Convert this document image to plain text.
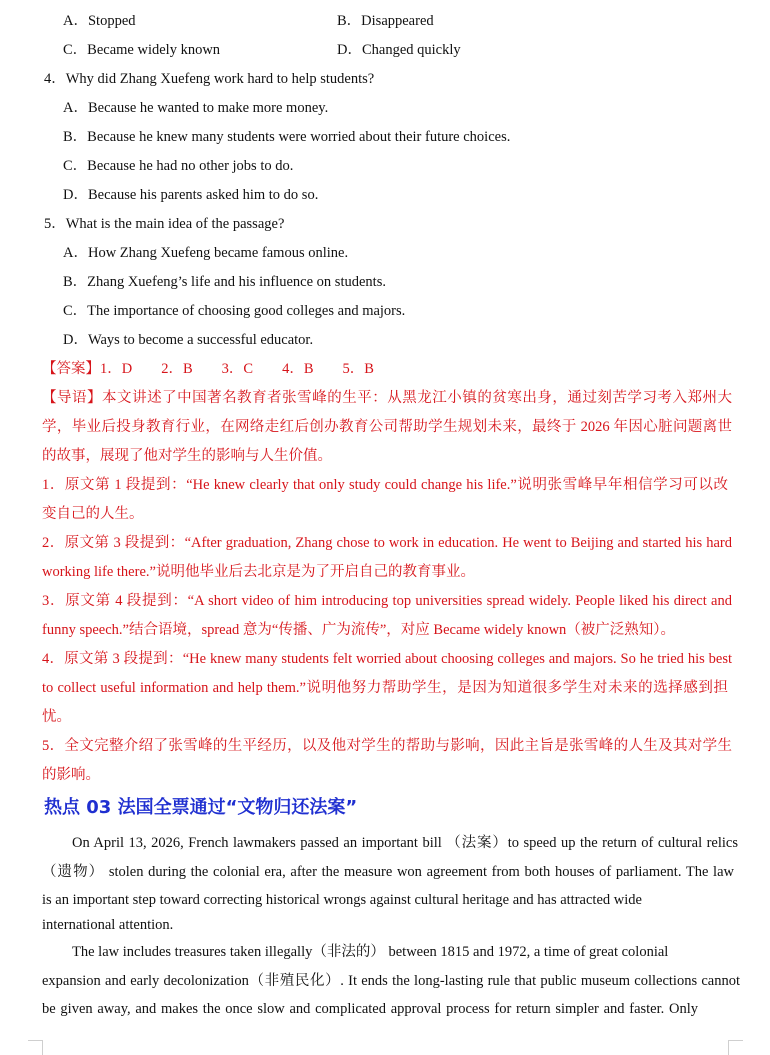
A．Stopped	B．Disappeared
C．Became widely known	D．Changed quickly
4．Why did Zhang Xuefeng work hard to help students?
A．Because he wanted to make more money.
B．Because he knew many students were worried about their future choices.
C．Because he had no other jobs to do.
D．Because his parents asked him to do so.
5．What is the main idea of the passage?
A．How Zhang Xuefeng became famous online.
B．Zhang Xuefeng’s life and his influence on students.
C．The importance of choosing good colleges and majors.
D．Ways to become a successful educator.
【答案】1．D　　2．B　　3．C　　4．B　　5．B
【导语】本文讲述了中国著名教育者张雪峰的生平：从黑龙江小镇的贫寒出身，通过刻苦学习考入郑州大
学，毕业后投身教育行业，在网络走红后创办教育公司帮助学生规划未来，最终于 2026 年因心脏问题离世
的故事，展现了他对学生的影响与人生价值。
1．原文第 1 段提到：“He knew clearly that only study could change his life.”说明张雪峰早年相信学习可以改
变自己的人生。
2．原文第 3 段提到：“After graduation, Zhang chose to work in education. He went to Beijing and started his hard
working life there.”说明他毕业后去北京是为了开启自己的教育事业。
3．原文第 4 段提到：“A short video of him introducing top universities spread widely. People liked his direct and
funny speech.”结合语境，spread 意为“传播、广为流传”，对应 Became widely known（被广泛熟知）。
4．原文第 3 段提到：“He knew many students felt worried about choosing colleges and majors. So he tried his best
to collect useful information and help them.”说明他努力帮助学生，是因为知道很多学生对未来的选择感到担
忧。
5．全文完整介绍了张雪峰的生平经历，以及他对学生的帮助与影响，因此主旨是张雪峰的人生及其对学生
的影响。
热点 03 法国全票通过“文物归还法案”
On April 13, 2026, French lawmakers passed an important bill （法案）to speed up the return of cultural relics
（遗物） stolen during the colonial era, after the measure won agreement from both houses of parliament. The law
is an important step toward correcting historical wrongs against cultural heritage and has attracted wide
international attention.
The law includes treasures taken illegally（非法的） between 1815 and 1972, a time of great colonial
expansion and early decolonization（非殖民化）. It ends the long-lasting rule that public museum collections cannot
be given away, and makes the once slow and complicated approval process for return simpler and faster. Only
